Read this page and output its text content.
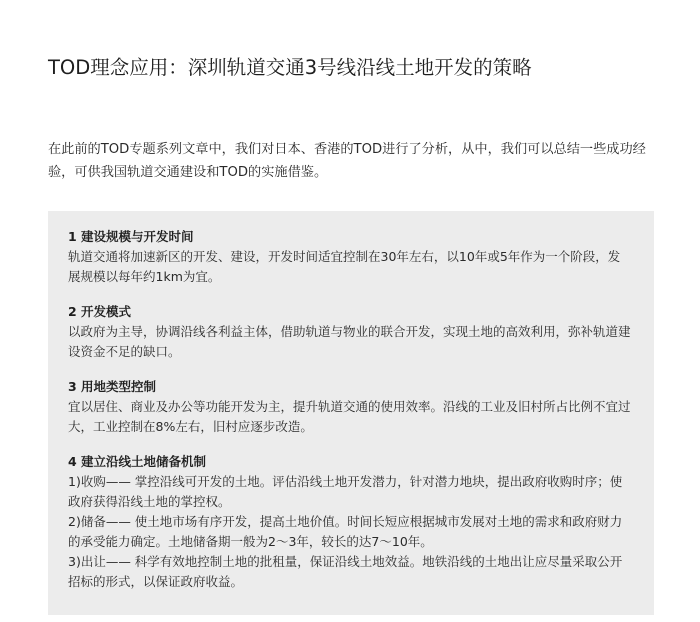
TOD理念应用：深圳轨道交通3号线沿线土地开发的策略

在此前的TOD专题系列文章中，我们对日本、香港的TOD进行了分析，从中，我们可以总结一些成功经验，可供我国轨道交通建设和TOD的实施借鉴。

1 建设规模与开发时间
轨道交通将加速新区的开发、建设，开发时间适宜控制在30年左右，以10年或5年作为一个阶段，发展规模以每年约1km为宜。
2 开发模式
以政府为主导，协调沿线各利益主体，借助轨道与物业的联合开发，实现土地的高效利用，弥补轨道建设资金不足的缺口。
3 用地类型控制
宜以居住、商业及办公等功能开发为主，提升轨道交通的使用效率。沿线的工业及旧村所占比例不宜过大，工业控制在8%左右，旧村应逐步改造。
4 建立沿线土地储备机制
1)收购—— 掌控沿线可开发的土地。评估沿线土地开发潜力，针对潜力地块，提出政府收购时序；使政府获得沿线土地的掌控权。
2)储备—— 使土地市场有序开发，提高土地价值。时间长短应根据城市发展对土地的需求和政府财力的承受能力确定。土地储备期一般为2～3年，较长的达7～10年。
3)出让—— 科学有效地控制土地的批租量，保证沿线土地效益。地铁沿线的土地出让应尽量采取公开招标的形式，以保证政府收益。
